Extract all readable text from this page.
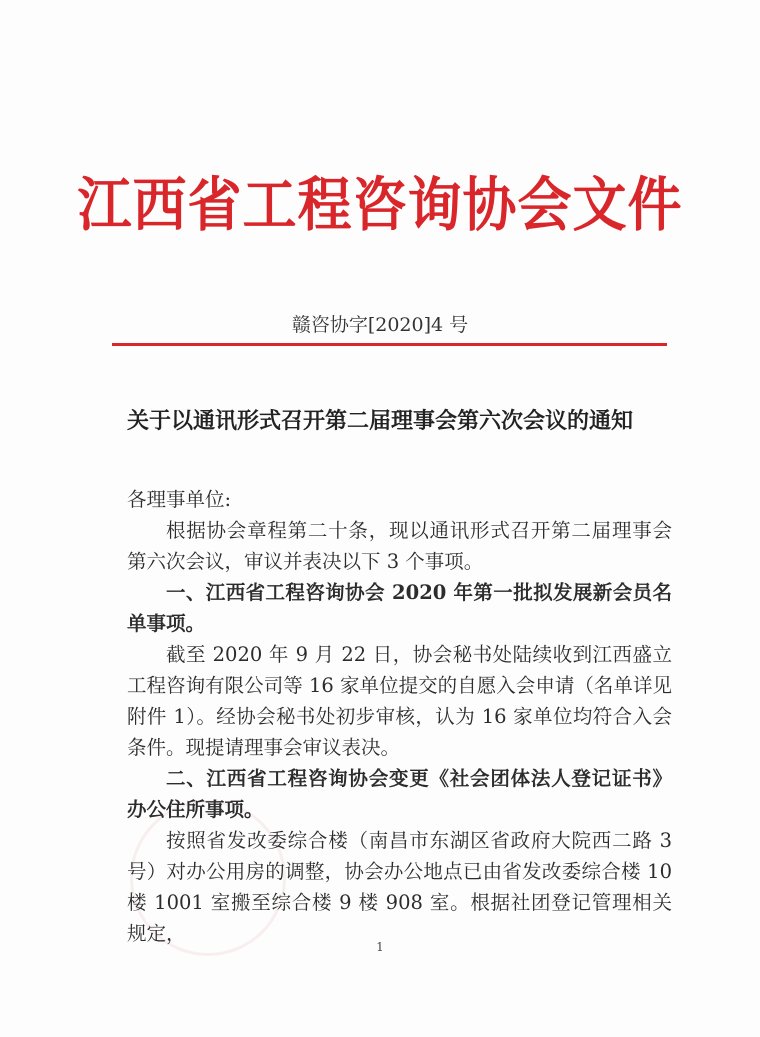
江西省工程咨询协会文件
赣咨协字[2020]4 号
关于以通讯形式召开第二届理事会第六次会议的通知
各理事单位:
根据协会章程第二十条，现以通讯形式召开第二届理事会第六次会议，审议并表决以下 3 个事项。
一、江西省工程咨询协会 2020 年第一批拟发展新会员名单事项。
截至 2020 年 9 月 22 日，协会秘书处陆续收到江西盛立工程咨询有限公司等 16 家单位提交的自愿入会申请（名单详见附件 1）。经协会秘书处初步审核，认为 16 家单位均符合入会条件。现提请理事会审议表决。
二、江西省工程咨询协会变更《社会团体法人登记证书》办公住所事项。
按照省发改委综合楼（南昌市东湖区省政府大院西二路 3 号）对办公用房的调整，协会办公地点已由省发改委综合楼 10 楼 1001 室搬至综合楼 9 楼 908 室。根据社团登记管理相关规定，
1
